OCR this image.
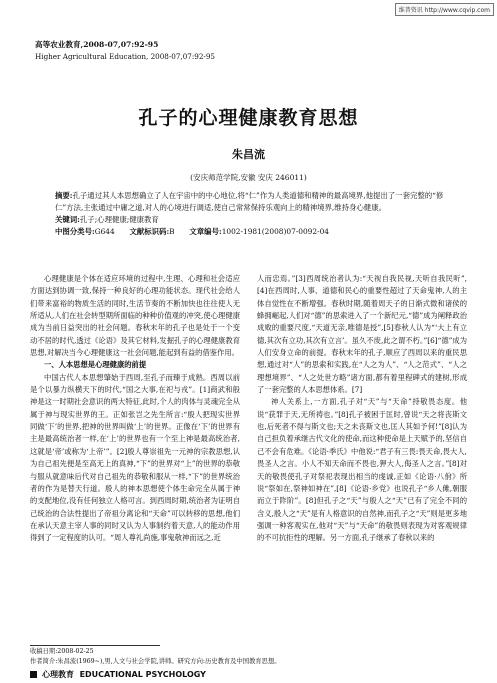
维普资讯 http://www.cqvip.com
高等农业教育,2008-07,07:92-95
Higher Agricultural Education, 2008-07,07:92-95
孔子的心理健康教育思想
朱昌流
(安庆师范学院,安徽 安庆 246011)
摘要:孔子通过其人本思想确立了人在宇宙中的中心地位,将“仁”作为人类道德和精神的最高境界,他提出了一套完整的“修仁”方法,主张通过中庸之道,对人的心境进行调适,使自己常常保持乐观向上的精神境界,维持身心健康。
关键词:孔子;心理健康;健康教育
中图分类号:G644   文献标识码:B   文章编号:1002-1981(2008)07-0092-04

心理健康是个体在适应环境的过程中,生理、心理和社会适应方面达到协调一致,保持一种良好的心理功能状态。现代社会给人们带来富裕的物质生活的同时,生活节奏的不断加快也往往使人无所适从,人们在社会转型期所面临的种种价值观的冲突,使心理健康成为当前日益突出的社会问题。春秋末年的孔子也是处于一个变动不居的时代,透过《论语》及其它材料,发掘孔子的心理健康教育思想,对解决当今心理健康这一社会问题,能起到有益的借鉴作用。

一、人本思想是心理健康的前提

中国古代人本思想肇始于西周,至孔子而臻于成熟。西周以前是个以暴力纵横天下的时代,“国之大事,在祀与戎”。[1]商武和般神是这一时期社会意识的两大特征,此时,个人的肉体与灵魂完全从属于神与现实世界的王。正如张岂之先生所言:“殷人把现实世界同做‘下’的世界,把神的世界叫做‘上’的世界。正像在‘下’的世界有主是最高统治者一样,在‘上’的世界也有一个至上神是最高统治者,这就是‘帝’或称为‘上帝’”。[2]殷人尊崇祖先一元神的宗教思想,认为自己祖先便是至高无上的真神,“下”的世界对“上”的世界的恭敬与服从就意味后代对自己祖先的恭敬和服从一样,“下”的世界统治者的作为是替天行道。殷人的神本思想使个体生命完全从属于神的支配地位,没有任何独立人格可言。到西周时期,统治者为证明自己统治的合法性提出了帝祖分离论和“天命”可以转移的思想,他们在承认天意主宰人事的同时又认为人事制约着天意,人的能动作用得到了一定程度的认可。“周人尊礼尚施,事鬼敬神而远之,近

人而忠焉。”[3]西周统治者认为:“天视自我民视,天听自我民听”,[4]在西周时,人事、道德和民心的重要性超过了天命鬼神,人的主体自觉性在不断增强。春秋时期,随着周天子的日渐式微和诸侯的蜂拥崛起,人们对“德”的思索进入了一个新纪元,“德”成为阐释政治成败的重要尺度,“天道无亲,唯德是授”,[5]春秋人认为“‘大上有立德,其次有立功,其次有立言’。虽久不废,此之谓不朽。”[6]“德”成为人们安身立命的前提。春秋末年的孔子,顺应了西周以来的重民思想,通过对“人”的思索和实践,在“人之为人”、“人之范式”、“人之理想境界”、“人之处世方略”诸方面,都有着里程碑式的建树,形成了一套完整的人本思想体系。[7]

神人关系上,一方面,孔子对“天”与“天命”持敬畏态度。他说“获罪于天,无所祷也。”[8]孔子被困于匡时,曾说“天之将丧斯文也,后死者不得与斯文也;天之未丧斯文也,匡人其如予何!”[8]认为自己担负着承继古代文化的使命,而这种使命是上天赋予的,坚信自己不会有危难。《论语·季氏》中他说:“君子有三畏:畏天命,畏大人,畏圣人之言。小人不知天命而不畏也,狎大人,侮圣人之言。”[8]对天的敬畏使孔子对祭祀表现出相当的虔诚,正如《论语·八佾》所说“祭如在,祭神如神在”,[8]《论语·乡党》也说孔子“乡人傩,朝服而立于阼阶”。[8]但孔子之“天”与殷人之“天”已有了完全不同的含义,殷人之“天”是有人格意识的自然神,而孔子之“天”则是更多地强调一种客观实在,他对“天”与“天命”的敬畏则表现为对客观规律的不可抗拒性的理解。另一方面,孔子继承了春秋以来的

收稿日期:2008-02-25
作者简介:朱昌流(1969~),男,人文与社会学院,讲师。研究方向:历史教育及中国教育思想。
心理教育 EDUCATIONAL PSYCHOLOGY
